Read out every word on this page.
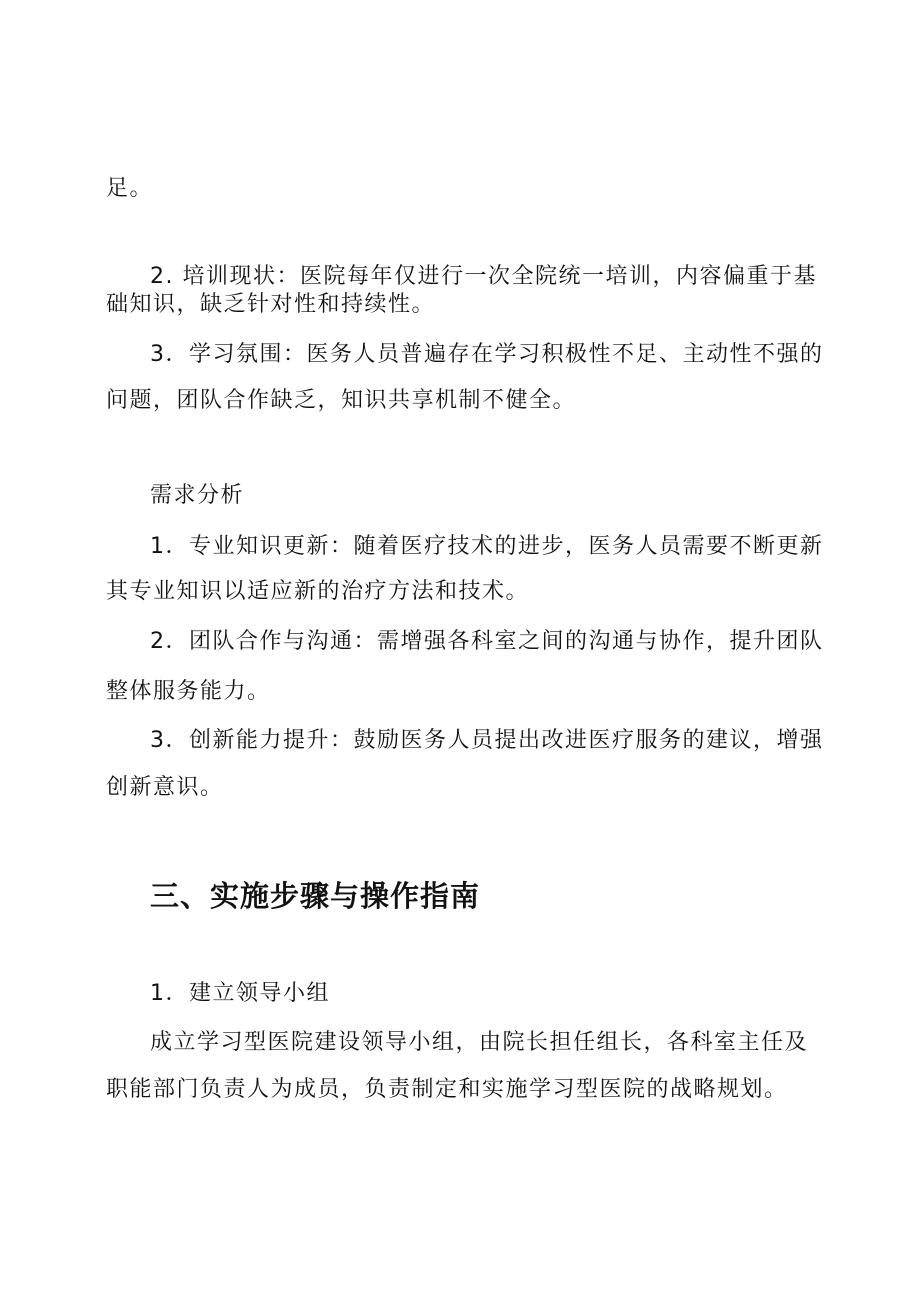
足。
2. 培训现状：医院每年仅进行一次全院统一培训，内容偏重于基
础知识，缺乏针对性和持续性。
3．学习氛围：医务人员普遍存在学习积极性不足、主动性不强的
问题，团队合作缺乏，知识共享机制不健全。
需求分析
1．专业知识更新：随着医疗技术的进步，医务人员需要不断更新
其专业知识以适应新的治疗方法和技术。
2．团队合作与沟通：需增强各科室之间的沟通与协作，提升团队
整体服务能力。
3．创新能力提升：鼓励医务人员提出改进医疗服务的建议，增强
创新意识。
三、实施步骤与操作指南
1．建立领导小组
成立学习型医院建设领导小组，由院长担任组长，各科室主任及
职能部门负责人为成员，负责制定和实施学习型医院的战略规划。
